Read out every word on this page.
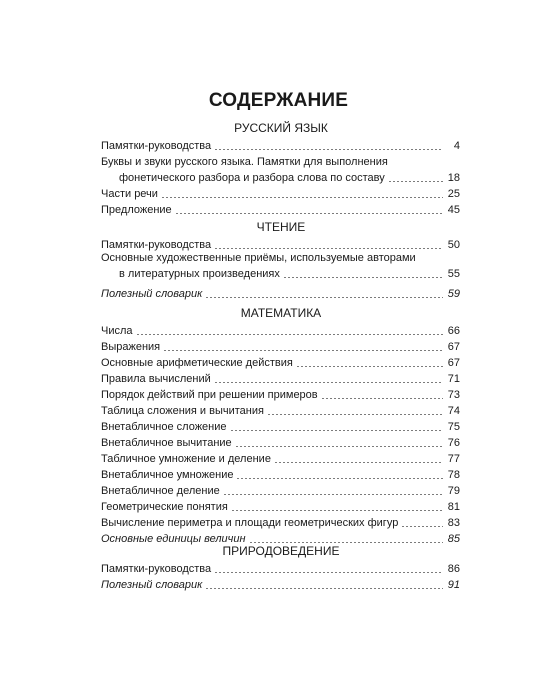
СОДЕРЖАНИЕ
РУССКИЙ ЯЗЫК
Памятки-руководства	4
Буквы и звуки русского языка. Памятки для выполнения
фонетического разбора и разбора слова по составу	18
Части речи	25
Предложение	45
ЧТЕНИЕ
Памятки-руководства	50
Основные художественные приёмы, используемые авторами
в литературных произведениях	55
Полезный словарик	59
МАТЕМАТИКА
Числа	66
Выражения	67
Основные арифметические действия	67
Правила вычислений	71
Порядок действий при решении примеров	73
Таблица сложения и вычитания	74
Внетабличное сложение	75
Внетабличное вычитание	76
Табличное умножение и деление	77
Внетабличное умножение	78
Внетабличное деление	79
Геометрические понятия	81
Вычисление периметра и площади геометрических фигур	83
Основные единицы величин	85
ПРИРОДОВЕДЕНИЕ
Памятки-руководства	86
Полезный словарик	91
